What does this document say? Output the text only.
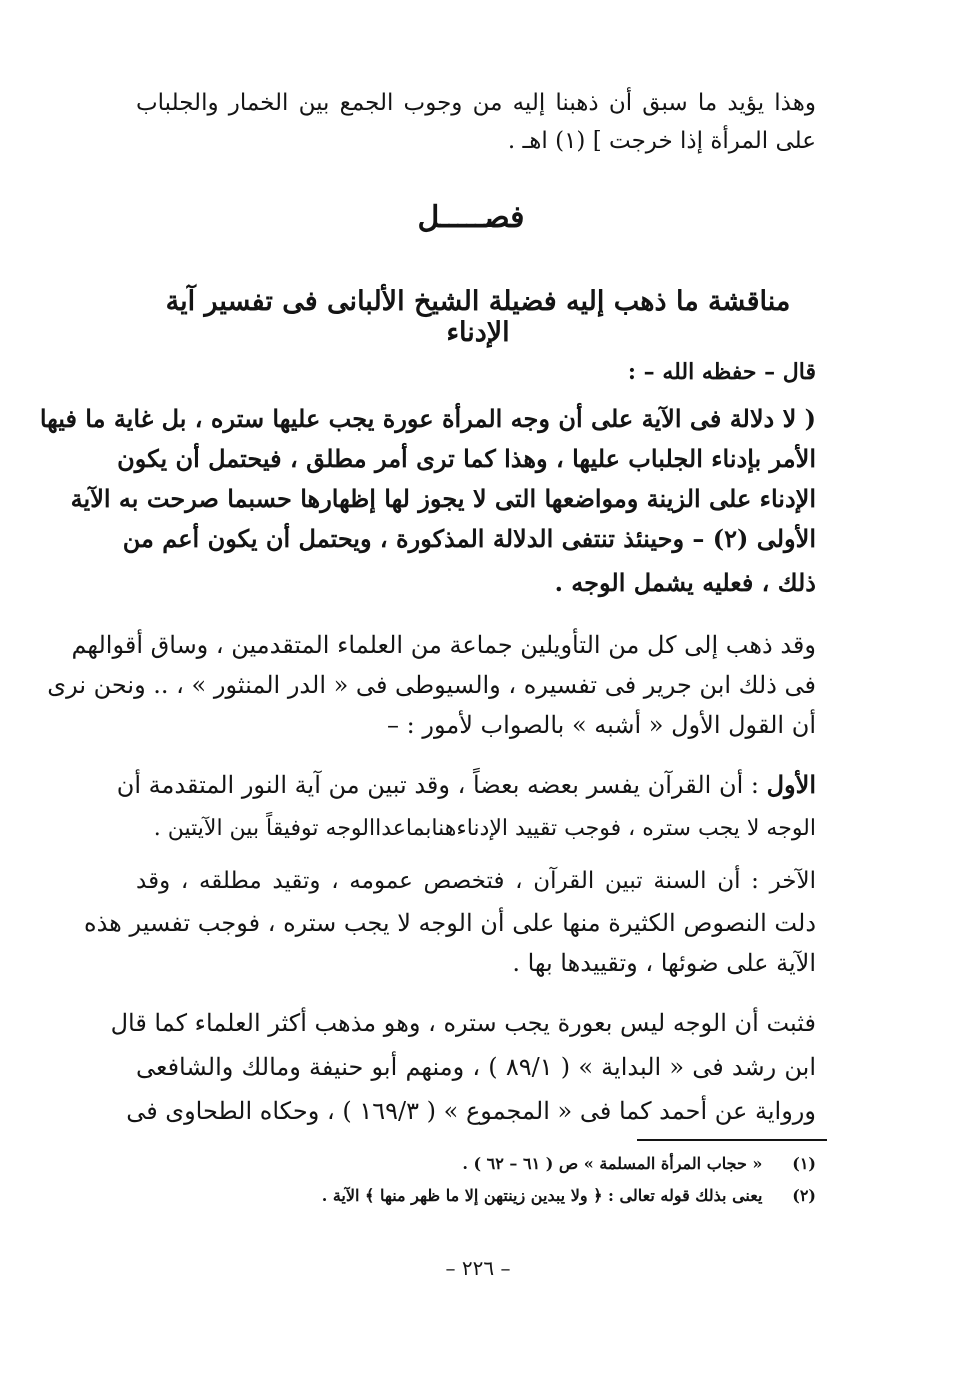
وهذا يؤيد ما سبق أن ذهبنا إليه من وجوب الجمع بين الخمار والجلباب
على المرأة إذا خرجت ] (١) اهـ .
فصـــــل
مناقشة ما ذهب إليه فضيلة الشيخ الألبانى فى تفسير آية الإدناء
قال – حفظه الله – :
( لا دلالة فى الآية على أن وجه المرأة عورة يجب عليها ستره ، بل غاية ما فيها
الأمر بإدناء الجلباب عليها ، وهذا كما ترى أمر مطلق ، فيحتمل أن يكون
الإدناء على الزينة ومواضعها التى لا يجوز لها إظهارها حسبما صرحت به الآية
الأولى (٢) – وحينئذ تنتفى الدلالة المذكورة ، ويحتمل أن يكون أعم من
ذلك ، فعليه يشمل الوجه .
وقد ذهب إلى كل من التأويلين جماعة من العلماء المتقدمين ، وساق أقوالهم
فى ذلك ابن جرير فى تفسيره ، والسيوطى فى « الدر المنثور » ، .. ونحن نرى
أن القول الأول « أشبه » بالصواب لأمور : –
الأول : أن القرآن يفسر بعضه بعضاً ، وقد تبين من آية النور المتقدمة أن
الوجه لا يجب ستره ، فوجب تقييد الإدناءهنابماعداالوجه توفيقاً بين الآيتين .
الآخر : أن السنة تبين القرآن ، فتخصص عمومه ، وتقيد مطلقه ، وقد
دلت النصوص الكثيرة منها على أن الوجه لا يجب ستره ، فوجب تفسير هذه
الآية على ضوئها ، وتقييدها بها .
فثبت أن الوجه ليس بعورة يجب ستره ، وهو مذهب أكثر العلماء كما قال
ابن رشد فى « البداية » ( ٨٩/١ ) ، ومنهم أبو حنيفة ومالك والشافعى
ورواية عن أحمد كما فى « المجموع » ( ١٦٩/٣ ) ، وحكاه الطحاوى فى
(١) « حجاب المرأة المسلمة » ص ( ٦١ – ٦٢ ) .
(٢) يعنى بذلك قوله تعالى : ﴿ ولا يبدين زينتهن إلا ما ظهر منها ﴾ الآية .
– ٢٢٦ –
